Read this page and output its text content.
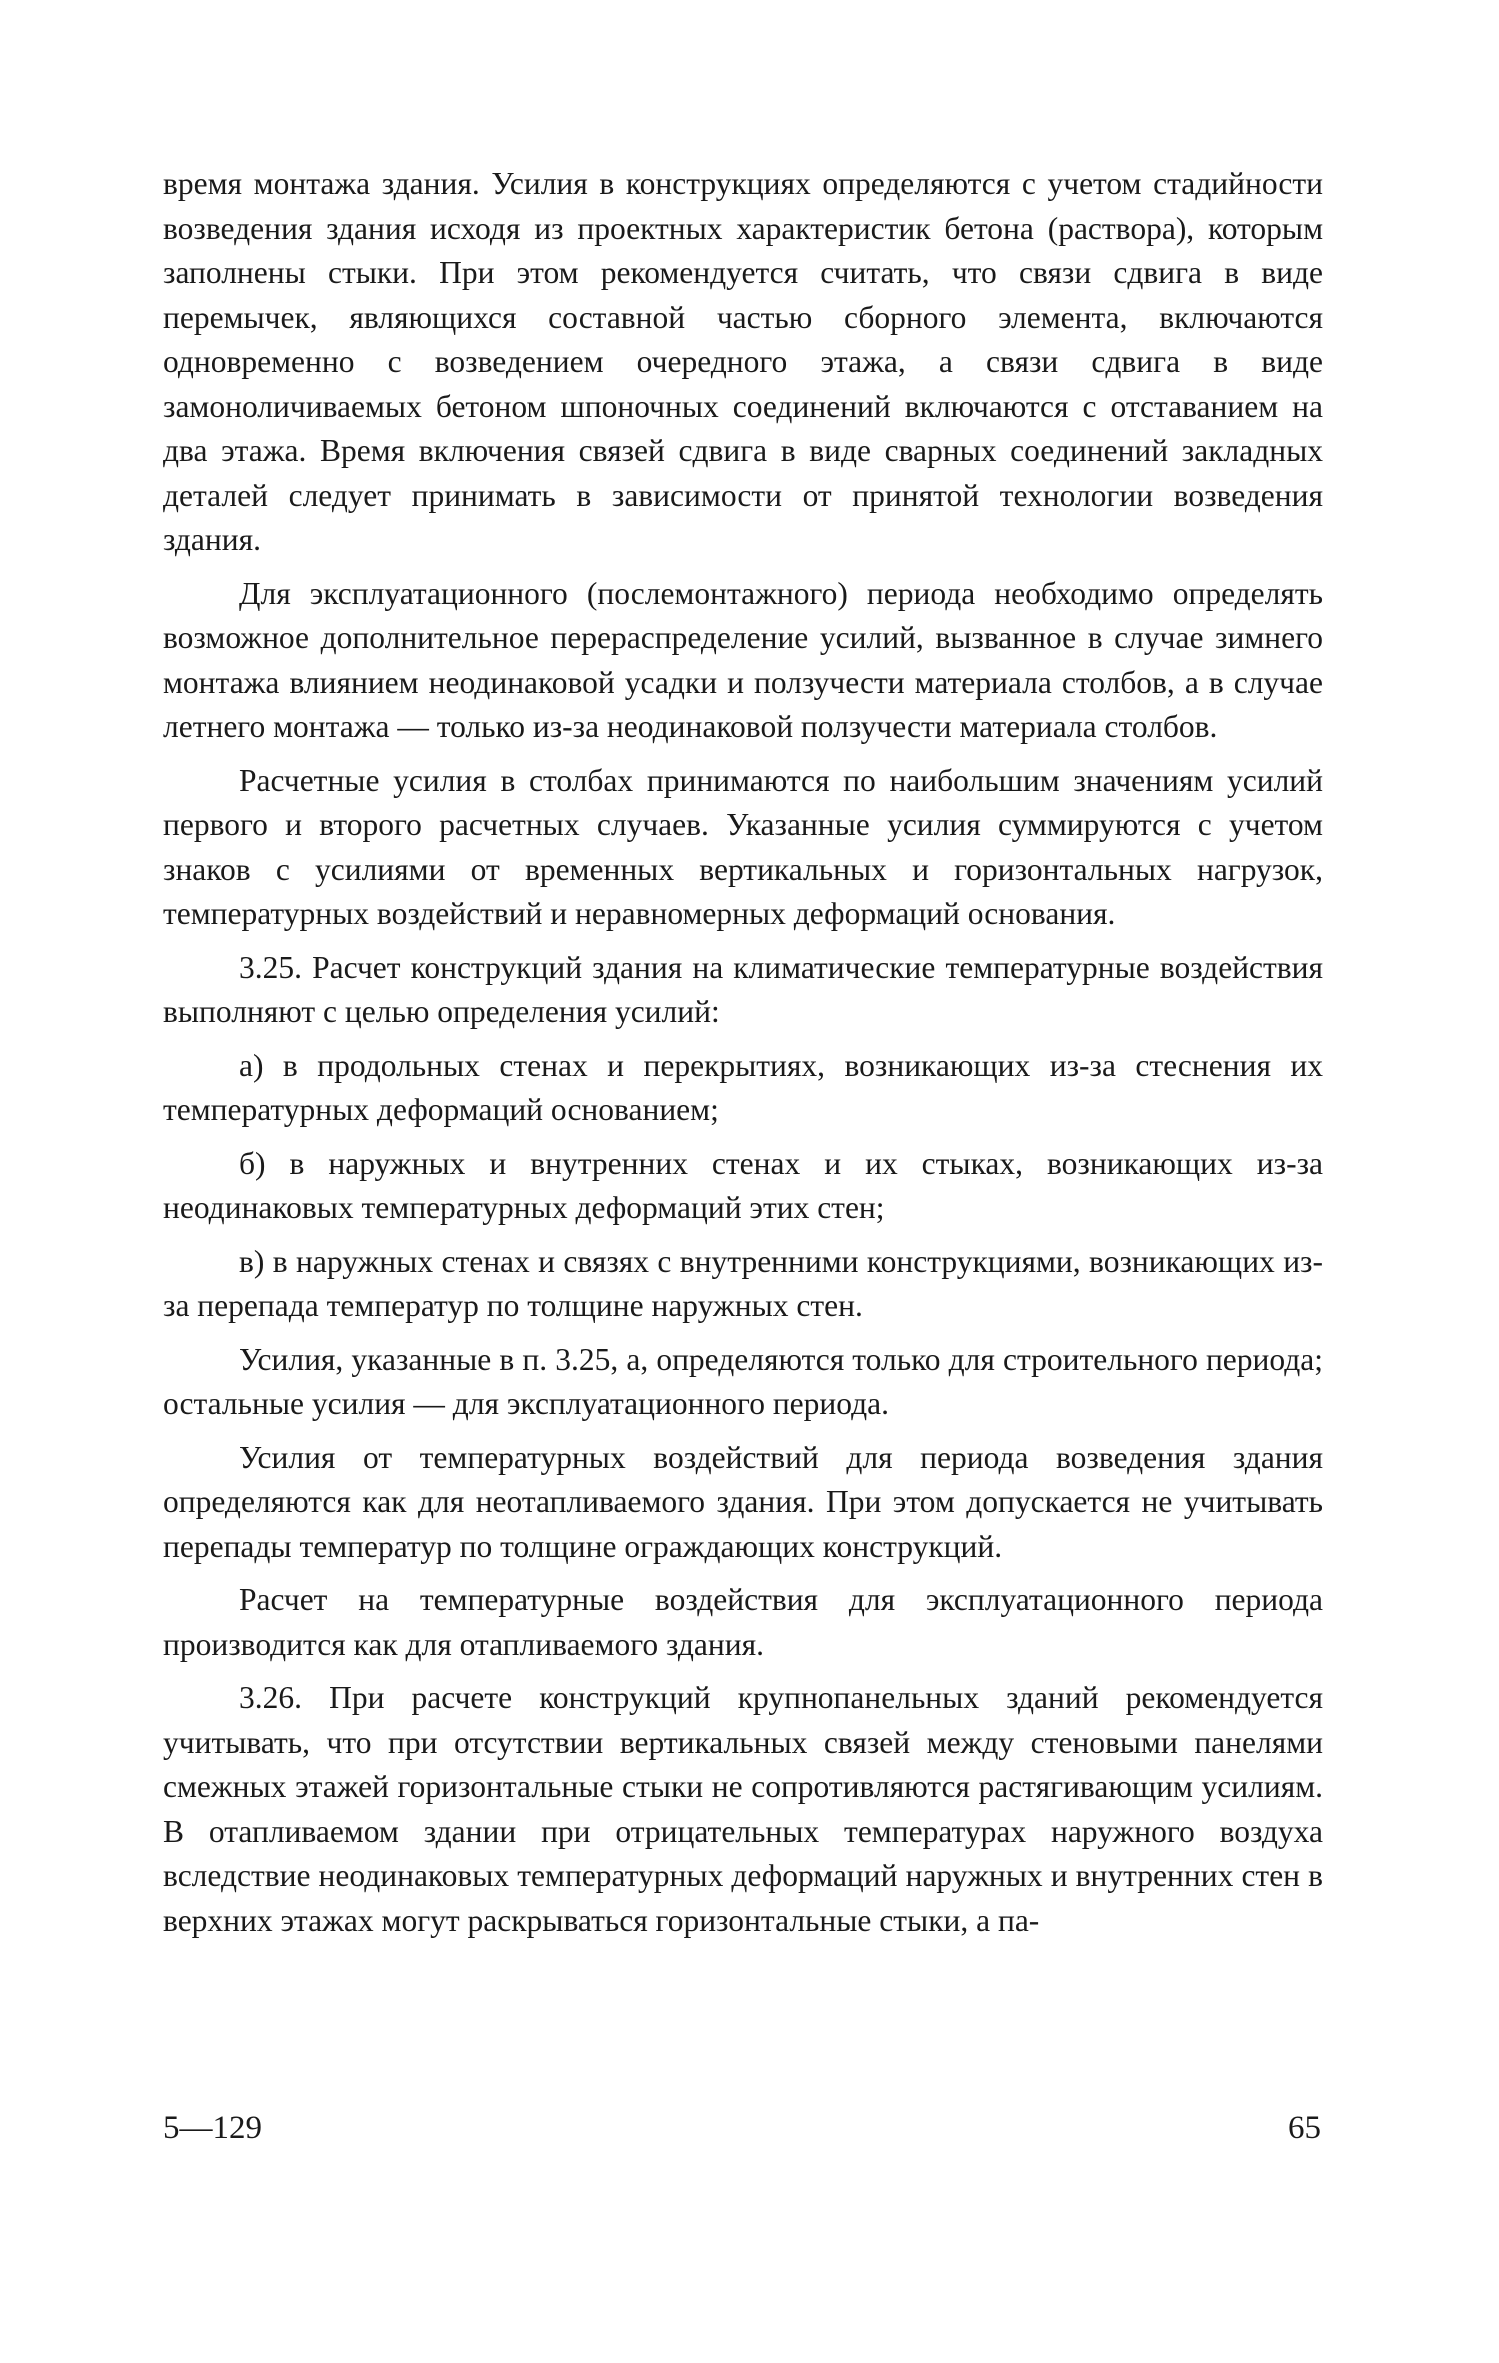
время монтажа здания. Усилия в конструкциях определяются с учетом стадийности возведения здания исходя из проектных характеристик бетона (раствора), которым заполнены стыки. При этом рекомендуется считать, что связи сдвига в виде перемычек, являющихся составной частью сборного элемента, включаются одновременно с возведением очередного этажа, а связи сдвига в виде замоноличиваемых бетоном шпоночных соединений включаются с отставанием на два этажа. Время включения связей сдвига в виде сварных соединений закладных деталей следует принимать в зависимости от принятой технологии возведения здания.

Для эксплуатационного (послемонтажного) периода необходимо определять возможное дополнительное перераспределение усилий, вызванное в случае зимнего монтажа влиянием неодинаковой усадки и ползучести материала столбов, а в случае летнего монтажа — только из-за неодинаковой ползучести материала столбов.

Расчетные усилия в столбах принимаются по наибольшим значениям усилий первого и второго расчетных случаев. Указанные усилия суммируются с учетом знаков с усилиями от временных вертикальных и горизонтальных нагрузок, температурных воздействий и неравномерных деформаций основания.

3.25. Расчет конструкций здания на климатические температурные воздействия выполняют с целью определения усилий:

а) в продольных стенах и перекрытиях, возникающих из-за стеснения их температурных деформаций основанием;

б) в наружных и внутренних стенах и их стыках, возникающих из-за неодинаковых температурных деформаций этих стен;

в) в наружных стенах и связях с внутренними конструкциями, возникающих из-за перепада температур по толщине наружных стен.

Усилия, указанные в п. 3.25, а, определяются только для строительного периода; остальные усилия — для эксплуатационного периода.

Усилия от температурных воздействий для периода возведения здания определяются как для неотапливаемого здания. При этом допускается не учитывать перепады температур по толщине ограждающих конструкций.

Расчет на температурные воздействия для эксплуатационного периода производится как для отапливаемого здания.

3.26. При расчете конструкций крупнопанельных зданий рекомендуется учитывать, что при отсутствии вертикальных связей между стеновыми панелями смежных этажей горизонтальные стыки не сопротивляются растягивающим усилиям. В отапливаемом здании при отрицательных температурах наружного воздуха вследствие неодинаковых температурных деформаций наружных и внутренних стен в верхних этажах могут раскрываться горизонтальные стыки, а па-

5—129	65
